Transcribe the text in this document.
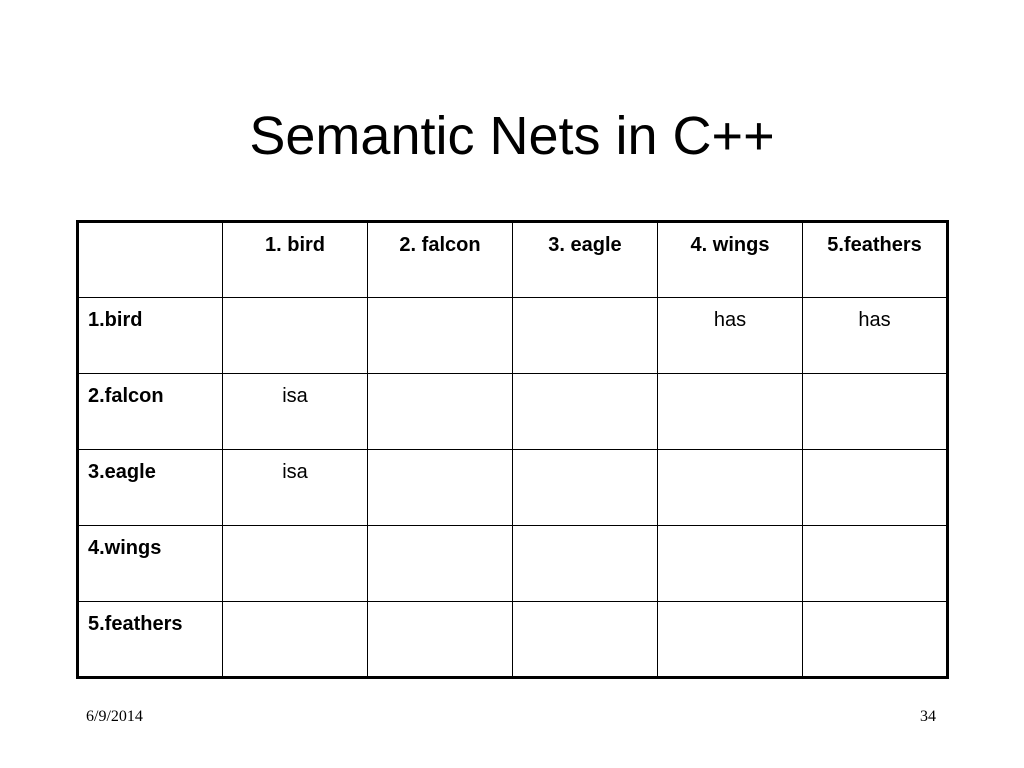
Semantic Nets in C++
	1. bird	2. falcon	3. eagle	4. wings	5.feathers
1.bird				has	has
2.falcon	isa				
3.eagle	isa				
4.wings					
5.feathers					
6/9/2014	34
